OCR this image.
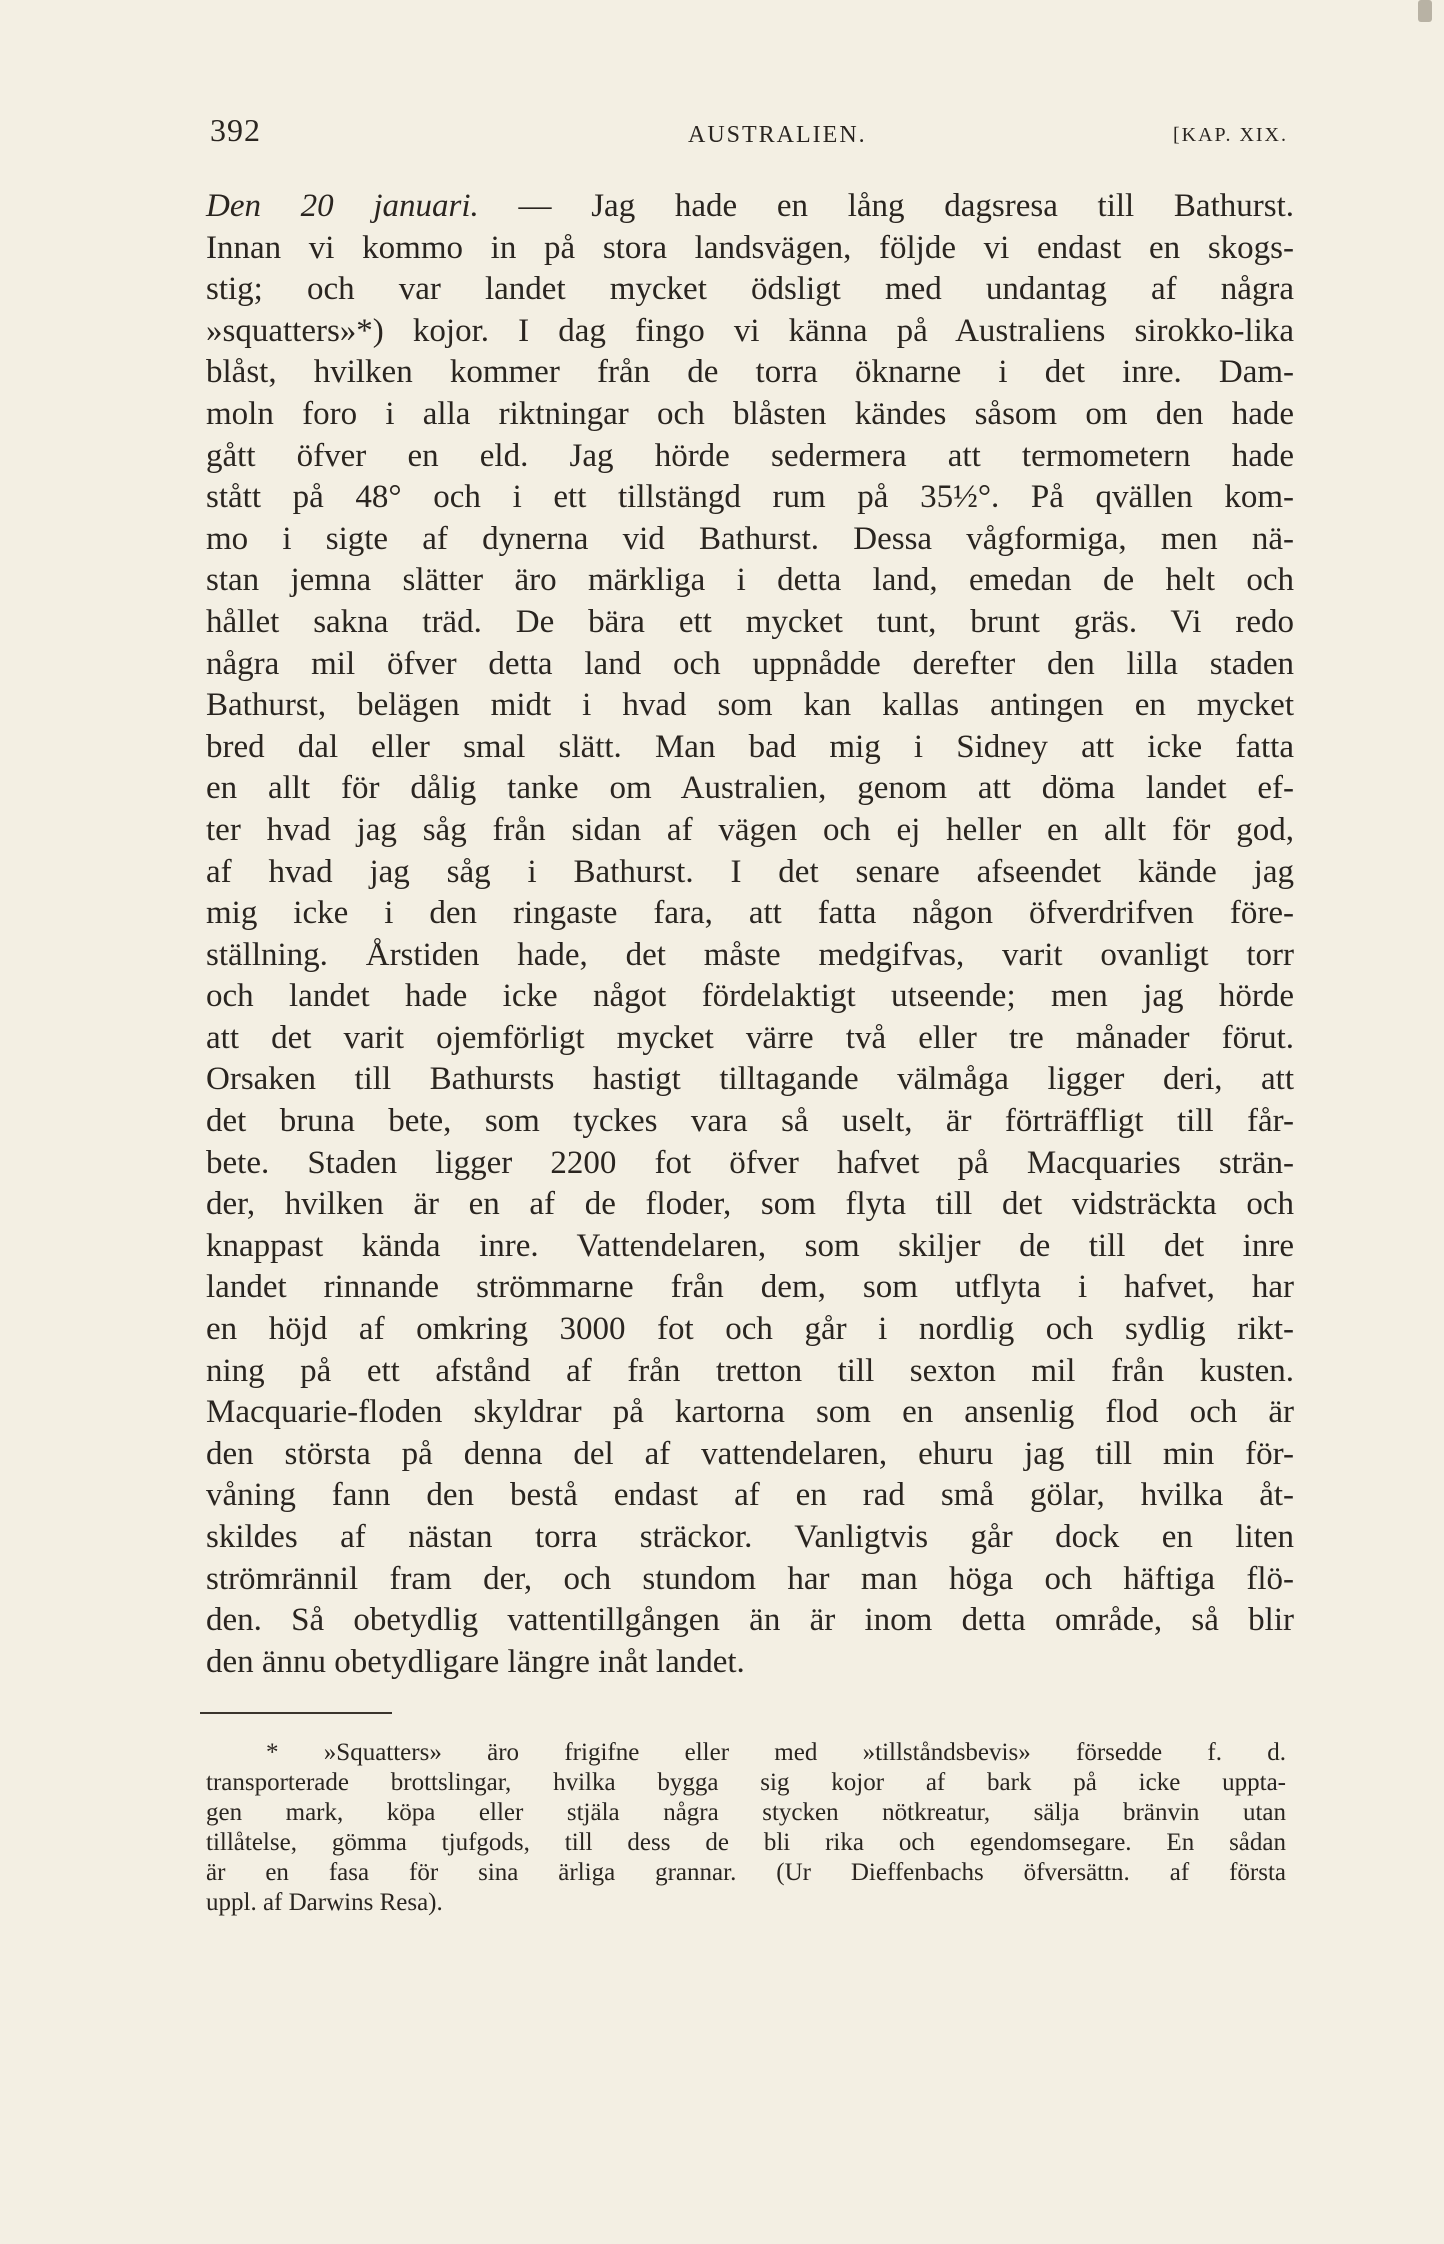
392	AUSTRALIEN.	[KAP. XIX.
Den 20 januari. — Jag hade en lång dagsresa till Bathurst.
Innan vi kommo in på stora landsvägen, följde vi endast en skogs-
stig; och var landet mycket ödsligt med undantag af några
»squatters»*) kojor. I dag fingo vi känna på Australiens sirokko-lika
blåst, hvilken kommer från de torra öknarne i det inre. Dam-
moln foro i alla riktningar och blåsten kändes såsom om den hade
gått öfver en eld. Jag hörde sedermera att termometern hade
stått på 48° och i ett tillstängd rum på 35½°. På qvällen kom-
mo i sigte af dynerna vid Bathurst. Dessa vågformiga, men nä-
stan jemna slätter äro märkliga i detta land, emedan de helt och
hållet sakna träd. De bära ett mycket tunt, brunt gräs. Vi redo
några mil öfver detta land och uppnådde derefter den lilla staden
Bathurst, belägen midt i hvad som kan kallas antingen en mycket
bred dal eller smal slätt. Man bad mig i Sidney att icke fatta
en allt för dålig tanke om Australien, genom att döma landet ef-
ter hvad jag såg från sidan af vägen och ej heller en allt för god,
af hvad jag såg i Bathurst. I det senare afseendet kände jag
mig icke i den ringaste fara, att fatta någon öfverdrifven före-
ställning. Årstiden hade, det måste medgifvas, varit ovanligt torr
och landet hade icke något fördelaktigt utseende; men jag hörde
att det varit ojemförligt mycket värre två eller tre månader förut.
Orsaken till Bathursts hastigt tilltagande välmåga ligger deri, att
det bruna bete, som tyckes vara så uselt, är förträffligt till får-
bete. Staden ligger 2200 fot öfver hafvet på Macquaries strän-
der, hvilken är en af de floder, som flyta till det vidsträckta och
knappast kända inre. Vattendelaren, som skiljer de till det inre
landet rinnande strömmarne från dem, som utflyta i hafvet, har
en höjd af omkring 3000 fot och går i nordlig och sydlig rikt-
ning på ett afstånd af från tretton till sexton mil från kusten.
Macquarie-floden skyldrar på kartorna som en ansenlig flod och är
den största på denna del af vattendelaren, ehuru jag till min för-
våning fann den bestå endast af en rad små gölar, hvilka åt-
skildes af nästan torra sträckor. Vanligtvis går dock en liten
strömrännil fram der, och stundom har man höga och häftiga flö-
den. Så obetydlig vattentillgången än är inom detta område, så blir
den ännu obetydligare längre inåt landet.
* »Squatters» äro frigifne eller med »tillståndsbevis» försedde f. d.
transporterade brottslingar, hvilka bygga sig kojor af bark på icke uppta-
gen mark, köpa eller stjäla några stycken nötkreatur, sälja bränvin utan
tillåtelse, gömma tjufgods, till dess de bli rika och egendomsegare. En sådan
är en fasa för sina ärliga grannar. (Ur Dieffenbachs öfversättn. af första
uppl. af Darwins Resa).
